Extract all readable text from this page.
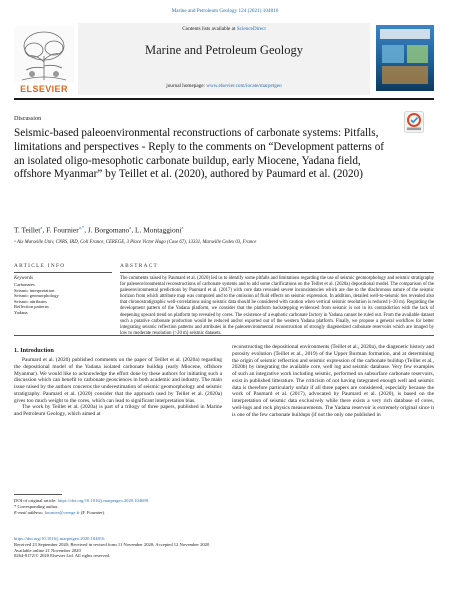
Marine and Petroleum Geology 124 (2021) 104816
ELSEVIER
Contents lists available at ScienceDirect
Marine and Petroleum Geology
journal homepage: www.elsevier.com/locate/marpetgeo
Discussion
Seismic-based paleoenvironmental reconstructions of carbonate systems: Pitfalls, limitations and perspectives - Reply to the comments on “Development patterns of an isolated oligo-mesophotic carbonate buildup, early Miocene, Yadana field, offshore Myanmar” by Teillet et al. (2020), authored by Paumard et al. (2020)
T. Teillet$^a$, F. Fournier$^{a,*}$, J. Borgomano$^a$, L. Montaggioni$^a$
ᵃ Aix Marseille Univ, CNRS, IRD, Coll France, CEREGE, 3 Place Victor Hugo (Case 67), 13331, Marseille Cedex 03, France
ARTICLE INFO	ABSTRACT
Keywords
Carbonates
Seismic interpretation
Seismic geomorphology
Seismic attributes
Reflection patterns
Yadana
The comments raised by Paumard et al. (2020) led us to identify some pitfalls and limitations regarding the use of seismic geomorphology and seismic stratigraphy for paleoenvironmental reconstructions of carbonate systems and to add some clarifications on the Teillet et al. (2020a) depositional model. The comparison of the paleoenvironmental predictions by Paumard et al. (2017) with core data revealed severe inconsistencies which are due to the diachronous nature of the seismic horizon from which attribute map was computed and to the omission of fluid effects on seismic expression. In addition, detailed well-to-seismic ties revealed also that chronostratigraphic well-correlations using seismic data should be considered with caution when vertical seismic resolution is reduced (~20 m). Regarding the development pattern of the Yadana platform, we consider that the platform backstepping evidenced from seismic is not in its contradiction with the lack of deepening upward trend on platform top revealed by cores. The existence of a euphotic carbonate factory in Yadana cannot be ruled out. From the available dataset such a putative carbonate production would be reduced and/or exported out of the western Yadana platform. Finally, we propose a general workflow for better integrating seismic reflection patterns and attributes in the paleoenvironmental reconstruction of strongly diagenetized carbonate reservoirs which are imaged by low to moderate resolution (>20 m) seismic datasets.
1. Introduction
Paumard et al. (2020) published comments on the paper of Teillet et al. (2020a) regarding the depositional model of the Yadana isolated carbonate buildup (early Miocene, offshore Myanmar). We would like to acknowledge the effort done by these authors for initiating such a discussion which can benefit to carbonate geosciences in both academic and industry. The main issue raised by the authors concerns the underestimation of seismic geomorphology and seismic stratigraphy. Paumard et al. (2020) consider that the approach used by Teillet et al. (2020a) gives too much weight to the cores, which can lead to significant interpretation bias.
The work by Teillet et al. (2020a) is part of a trilogy of three papers, published in Marine and Petroleum Geology, which aimed at
reconstructing the depositional environments (Teillet et al., 2020a), the diagenetic history and porosity evolution (Teillet et al., 2019) of the Upper Burman formation, and at determining the origin of seismic reflection and seismic expression of the carbonate buildup (Teillet et al., 2020b) by integrating the available core, well log and seismic database. Very few examples of such an integrative work including seismic, performed on subsurface carbonate reservoirs, exist in published litterature. The criticism of not having integrated enough well and seismic data is therefore particularly unfair if all three papers are considered, especially because the work of Paumard et al. (2017), advocated by Paumard et al. (2020), is based on the interpretation of seismic data exclusively while there exists a very rich database of cores, well-logs and rock physics measurements. The Yadana reservoir is extremely original since it is one of the few carbonate buildups (if not the only one published in
DOI of original article: https://doi.org/10.1016/j.marpetgeo.2020.104689.
* Corresponding author.
E-mail address: fournier@cerege.fr (F. Fournier).
https://doi.org/10.1016/j.marpetgeo.2020.104816
Received 23 September 2020; Received in revised form 11 November 2020; Accepted 12 November 2020
Available online 21 November 2020
0264-8172/© 2020 Elsevier Ltd. All rights reserved.
